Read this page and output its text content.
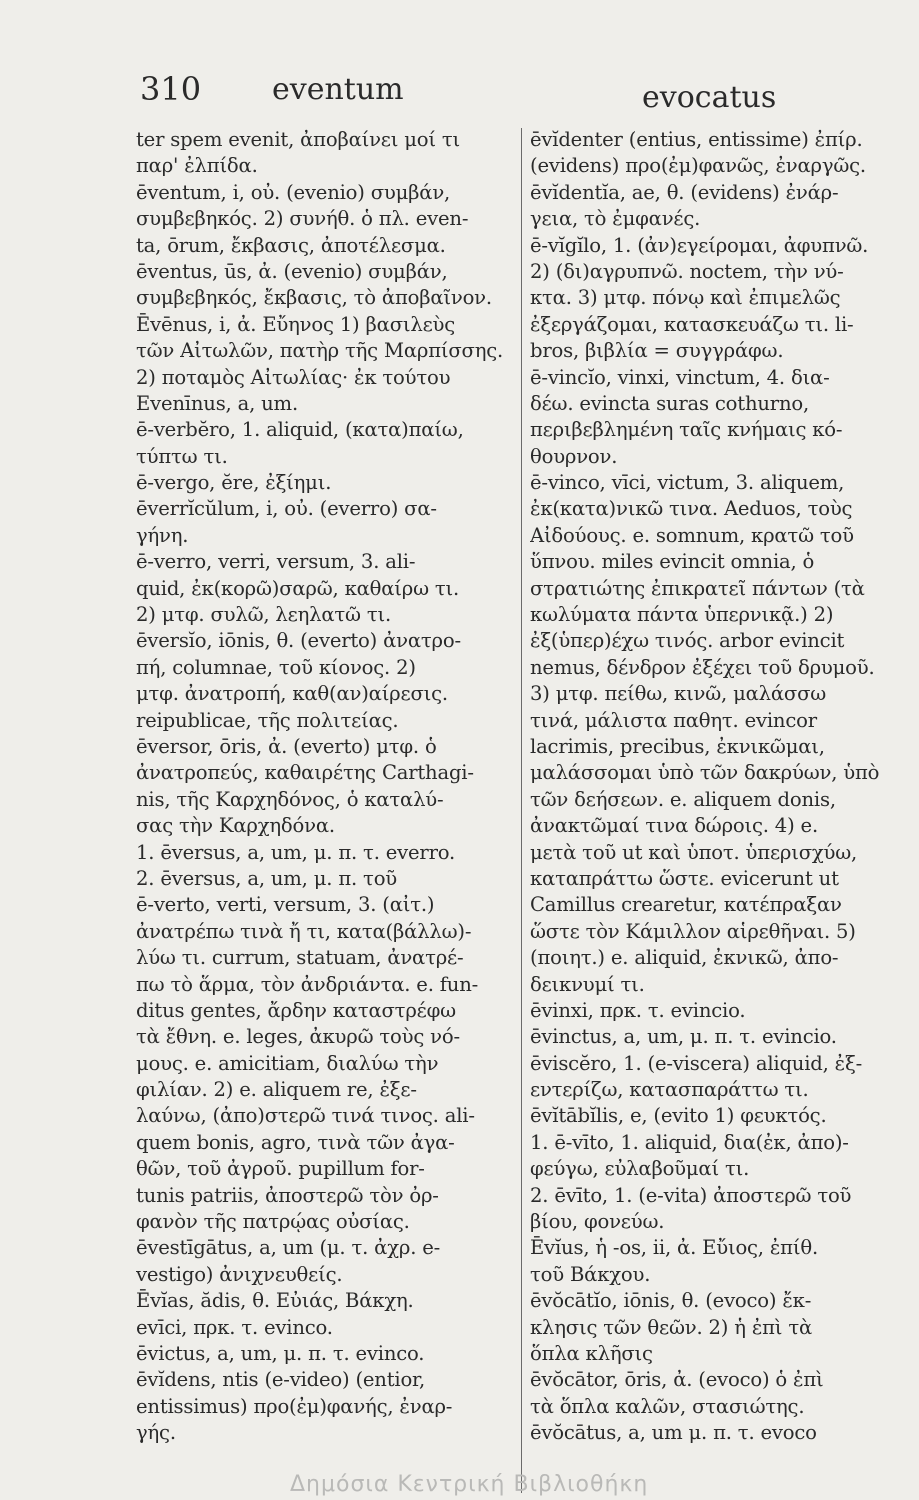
310 eventum	evocatus
ter spem evenit, ἀποβαίνει μοί τι
παρ' ἐλπίδα.
ēventum, i, οὐ. (evenio) συμβάν,
συμβεβηκός. 2) συνήθ. ὁ πλ. even-
ta, ōrum, ἔκβασις, ἀποτέλεσμα.
ēventus, ūs, ἀ. (evenio) συμβάν,
συμβεβηκός, ἔκβασις, τὸ ἀποβαῖνον.
Ēvēnus, i, ἀ. Εὔηνος 1) βασιλεὺς
τῶν Αἰτωλῶν, πατὴρ τῆς Μαρπίσσης.
2) ποταμὸς Αἰτωλίας· ἐκ τούτου
Evenīnus, a, um.
ē-verbĕro, 1. aliquid, (κατα)παίω,
τύπτω τι.
ē-vergo, ĕre, ἐξίημι.
ēverrĭcŭlum, i, οὐ. (everro) σα-
γήνη.
ē-verro, verri, versum, 3. ali-
quid, ἐκ(κορῶ)σαρῶ, καθαίρω τι.
2) μτφ. συλῶ, λεηλατῶ τι.
ēversĭo, iōnis, θ. (everto) ἀνατρο-
πή, columnae, τοῦ κίονος. 2)
μτφ. ἀνατροπή, καθ(αν)αίρεσις.
reipublicae, τῆς πολιτείας.
ēversor, ōris, ἀ. (everto) μτφ. ὁ
ἀνατροπεύς, καθαιρέτης Carthagi-
nis, τῆς Καρχηδόνος, ὁ καταλύ-
σας τὴν Καρχηδόνα.
1. ēversus, a, um, μ. π. τ. everro.
2. ēversus, a, um, μ. π. τοῦ
ē-verto, verti, versum, 3. (αἰτ.)
ἀνατρέπω τινὰ ἤ τι, κατα(βάλλω)-
λύω τι. currum, statuam, ἀνατρέ-
πω τὸ ἅρμα, τὸν ἀνδριάντα. e. fun-
ditus gentes, ἄρδην καταστρέφω
τὰ ἔθνη. e. leges, ἀκυρῶ τοὺς νό-
μους. e. amicitiam, διαλύω τὴν
φιλίαν. 2) e. aliquem re, ἐξε-
λαύνω, (ἀπο)στερῶ τινά τινος. ali-
quem bonis, agro, τινὰ τῶν ἀγα-
θῶν, τοῦ ἀγροῦ. pupillum for-
tunis patriis, ἀποστερῶ τὸν ὀρ-
φανὸν τῆς πατρῴας οὐσίας.
ēvestīgātus, a, um (μ. τ. ἀχρ. e-
vestigo) ἀνιχνευθείς.
Ēvĭas, ădis, θ. Εὐιάς, Βάκχη.
evīci, πρκ. τ. evinco.
ēvictus, a, um, μ. π. τ. evinco.
ēvĭdens, ntis (e-video) (entior,
entissimus) προ(ἐμ)φανής, ἐναρ-
γής.
ēvĭdenter (entius, entissime) ἐπίρ.
(evidens) προ(ἐμ)φανῶς, ἐναργῶς.
ēvĭdentĭa, ae, θ. (evidens) ἐνάρ-
γεια, τὸ ἐμφανές.
ē-vĭgĭlo, 1. (ἀν)εγείρομαι, ἀφυπνῶ.
2) (δι)αγρυπνῶ. noctem, τὴν νύ-
κτα. 3) μτφ. πόνῳ καὶ ἐπιμελῶς
ἐξεργάζομαι, κατασκευάζω τι. li-
bros, βιβλία = συγγράφω.
ē-vincĭo, vinxi, vinctum, 4. δια-
δέω. evincta suras cothurno,
περιβεβλημένη ταῖς κνήμαις κό-
θουρνον.
ē-vinco, vīci, victum, 3. aliquem,
ἐκ(κατα)νικῶ τινα. Aeduos, τοὺς
Αἰδούους. e. somnum, κρατῶ τοῦ
ὕπνου. miles evincit omnia, ὁ
στρατιώτης ἐπικρατεῖ πάντων (τὰ
κωλύματα πάντα ὑπερνικᾷ.) 2)
ἐξ(ὑπερ)έχω τινός. arbor evincit
nemus, δένδρον ἐξέχει τοῦ δρυμοῦ.
3) μτφ. πείθω, κινῶ, μαλάσσω
τινά, μάλιστα παθητ. evincor
lacrimis, precibus, ἐκνικῶμαι,
μαλάσσομαι ὑπὸ τῶν δακρύων, ὑπὸ
τῶν δεήσεων. e. aliquem donis,
ἀνακτῶμαί τινα δώροις. 4) e.
μετὰ τοῦ ut καὶ ὑποτ. ὑπερισχύω,
καταπράττω ὥστε. evicerunt ut
Camillus crearetur, κατέπραξαν
ὥστε τὸν Κάμιλλον αἱρεθῆναι. 5)
(ποιητ.) e. aliquid, ἐκνικῶ, ἀπο-
δεικνυμί τι.
ēvinxi, πρκ. τ. evincio.
ēvinctus, a, um, μ. π. τ. evincio.
ēviscĕro, 1. (e-viscera) aliquid, ἐξ-
εντερίζω, κατασπαράττω τι.
ēvĭtābĭlis, e, (evito 1) φευκτός.
1. ē-vīto, 1. aliquid, δια(ἐκ, ἀπο)-
φεύγω, εὐλαβοῦμαί τι.
2. ēvīto, 1. (e-vita) ἀποστερῶ τοῦ
βίου, φονεύω.
Ēvĭus, ἡ -os, ii, ἀ. Εὔιος, ἐπίθ.
τοῦ Βάκχου.
ēvŏcātĭo, iōnis, θ. (evoco) ἔκ-
κλησις τῶν θεῶν. 2) ἡ ἐπὶ τὰ
ὅπλα κλῆσις
ēvŏcātor, ōris, ἀ. (evoco) ὁ ἐπὶ
τὰ ὅπλα καλῶν, στασιώτης.
ēvŏcātus, a, um μ. π. τ. evoco
Δημόσια Κεντρική Βιβλιοθήκη
